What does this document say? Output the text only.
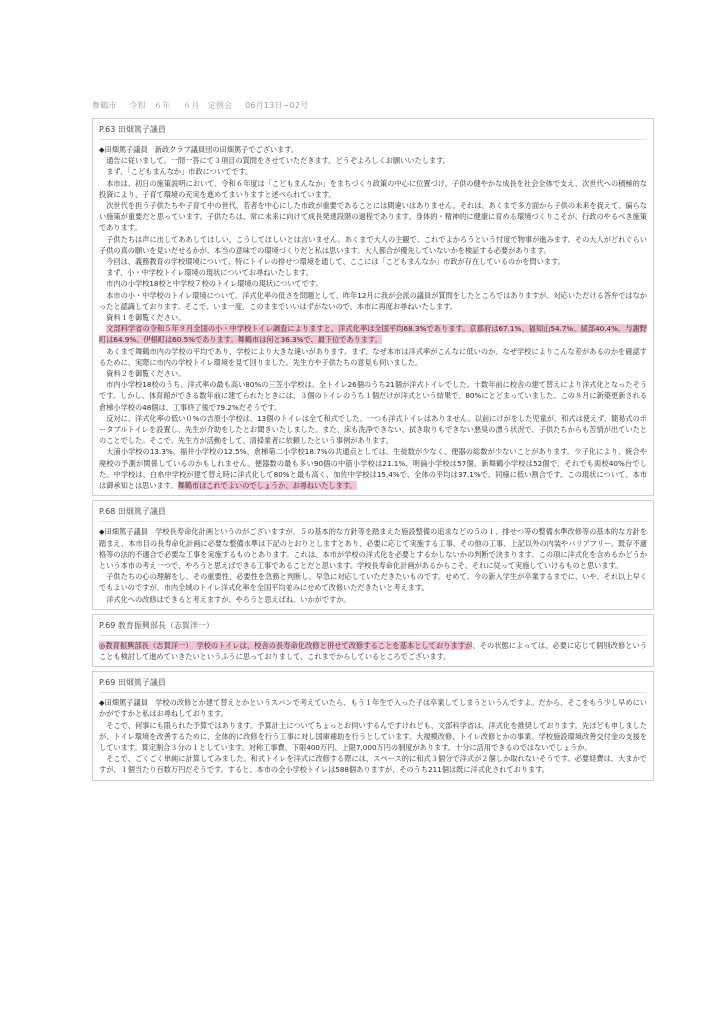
舞鶴市 令和　６年 ６月　定例会 06月13日−02号
P.63 田畑篤子議員

◆田畑篤子議員　新政クラブ議員団の田畑篤子でございます。

通告に従いまして、一問一答にて３項目の質問をさせていただきます。どうぞよろしくお願いいたします。

まず、「こどもまんなか」市政についてです。

本市は、初日の施策説明において、令和６年度は「こどもまんなか」をまちづくり政策の中心に位置づけ、子供の健やかな成長を社会全体で支え、次世代への積極的な投資により、子育て環境の充実を進めてまいりますと述べられています。

次世代を担う子供たちや子育て中の世代、若者を中心にした市政が重要であることには間違いはありません。それは、あくまで多方面から子供の未来を捉えて、偏らない施策が重要だと思っています。子供たちは、常に未来に向けて成長発達段階の過程であります。身体的・精神的に健康に育める環境づくりこそが、行政のやるべき施策であります。

子供たちは声に出してああしてほしい、こうしてほしいとは言いません。あくまで大人の主観で、これでよかろうという忖度で物事が進みます。その大人がどれぐらい子供の真の願いを見いだせるかが、本当の意味での環境づくりだと私は思います。大人都合が優先していないかを検証する必要があります。

今回は、義務教育の学校環境について、特にトイレの排せつ環境を通して、ここには「こどもまんなか」市政が存在しているのかを問います。

まず、小・中学校トイレ環境の現状についてお尋ねいたします。

市内の小学校18校と中学校７校のトイレ環境の現状についてです。

本市の小・中学校のトイレ環境について、洋式化率の低さを問題として、昨年12月に我が会派の議員が質問をしたところではありますが、対応いただける答弁ではなかったと認識しております。そこで、いま一度、このままでいいはずがないので、本市に再度お尋ねいたします。

資料１を御覧ください。

文部科学省の令和５年９月全国の小・中学校トイレ調査によりますと、洋式化率は全国平均68.3%であります。京都府は67.1%、福知山54.7%、綾部40.4%、与謝野町は64.9%、伊根町は60.5%であります。舞鶴市は何と36.3%で、最下位であります。

あくまで舞鶴市内の学校の平均であり、学校により大きな違いがあります。まず、なぜ本市は洋式率がこんなに低いのか、なぜ学校によりこんな差があるのかを確認するために、実際に市内の学校トイレ環境を見て回りました。先生方や子供たちの意見も伺いました。

資料２を御覧ください。

市内小学校18校のうち、洋式率の最も高い80%の三笠小学校は、全トイレ26個のうち21個が洋式トイレでした。十数年前に校舎の建て替えにより洋式化となったそうです。しかし、体育館ができる数年前に建てられたときには、３個のトイレのうち１個だけが洋式という結果で、80%にとどまっていました。この８月に新築更新される倉梯小学校の48個は、工事終了後で79.2%だそうです。

反対に、洋式化率の低い０%の吉原小学校は、13個のトイレは全て和式でした。一つも洋式トイレはありません。以前にけがをした児童が、和式は使えず、簡易式のポータブルトイレを設置し、先生が介助をしたとお聞きいたしました。また、床も洗浄できない、拭き取りもできない悪臭の漂う状況で、子供たちからも苦情が出ていたとのことでした。そこで、先生方が活動をして、清掃業者に依頼したという事例があります。

大浦小学校の13.3%、福井小学校の12.5%、倉梯第二小学校18.7%の共通点としては、生徒数が少なく、便器の総数が少ないことがあります。少子化により、統合や廃校の予測が関係しているのかもしれません。便器数の最も多い90個の中筋小学校は21.1%、明倫小学校は57個、新舞鶴小学校は52個で、それでも両校40%台でした。中学校は、白糸中学校が建て替え時に洋式化して80%と最も高く、加佐中学校は15.4%で、全体の平均は37.1%で、同様に低い割合です。この現状について、本市は御承知とは思います。舞鶴市はこれでよいのでしょうか、お尋ねいたします。

P.68 田畑篤子議員

◆田畑篤子議員　学校長寿命化計画というのがございますが、５の基本的な方針等を踏まえた施設整備の追求などの５の１、排せつ等の整備水準改修等の基本的な方針を踏まえ、本市目の長寿命化計画に必要な整備水準は下記のとおりとしますとあり、必要に応じて実施する工事、その他の工事、上記以外の内装やバリアフリー、既存不適格等の法的不適合で必要な工事を実施するものとあります。これは、本市が学校の洋式化を必要とするかしないかの判断で決まります。この項に洋式化を含めるかどうかという本市の考え一つで、やろうと思えばできる工事であることだと思います。学校長寿命化計画があるからこそ、それに従って実施していけるものと思います。

子供たちの心の理解をし、その重要性、必要性を急務と判断し、早急に対応していただきたいものです。せめて、今の新入学生が卒業するまでに、いや、それ以上早くでもよいのですが、市内全域のトイレ洋式化率を全国平均並みにせめて改修いただきたいと考えます。

洋式化への改修はできると考えますが、やろうと思えばね。いかがですか。

P.69 教育振興部長（志賀洋一）

◎教育振興部長（志賀洋一）　学校のトイレは、校舎の長寿命化改修と併せて改修することを基本としておりますが、その状態によっては、必要に応じて個別改修ということも検討して進めていきたいというふうに思っておりまして、これまでからしているところでございます。

P.69 田畑篤子議員

◆田畑篤子議員　学校の改修とか建て替えとかというスパンで考えていたら、もう１年生で入った子は卒業してしまうというんですよ。だから、そこをもう少し早めにいかがですかと私はお尋ねしております。

そこで、何事にも限られた予算ではあります。予算計上についてちょっとお伺いするんですけれども、文部科学省は、洋式化を推奨しております。先ほども申しましたが、トイレ環境を改善するために、全体的に改修を行う工事に対し国庫補助を行うとしています。大規模改修、トイレ改修とかの事業、学校施設環境改善交付金の支援をしています。算定割合３分の１としています。対称工事費、下限400万円、上限7,000万円の制度があります。十分に活用できるのではないでしょうか。

そこで、ごくごく単純に計算してみました。和式トイレを洋式に改修する際には、スペース的に和式３個分で洋式が２個しか取れないそうです。必要経費は、大まかですが、１個当たり百数万円だそうです。すると、本市の全小学校トイレは588個ありますが、そのうち211個は既に洋式化されております。
